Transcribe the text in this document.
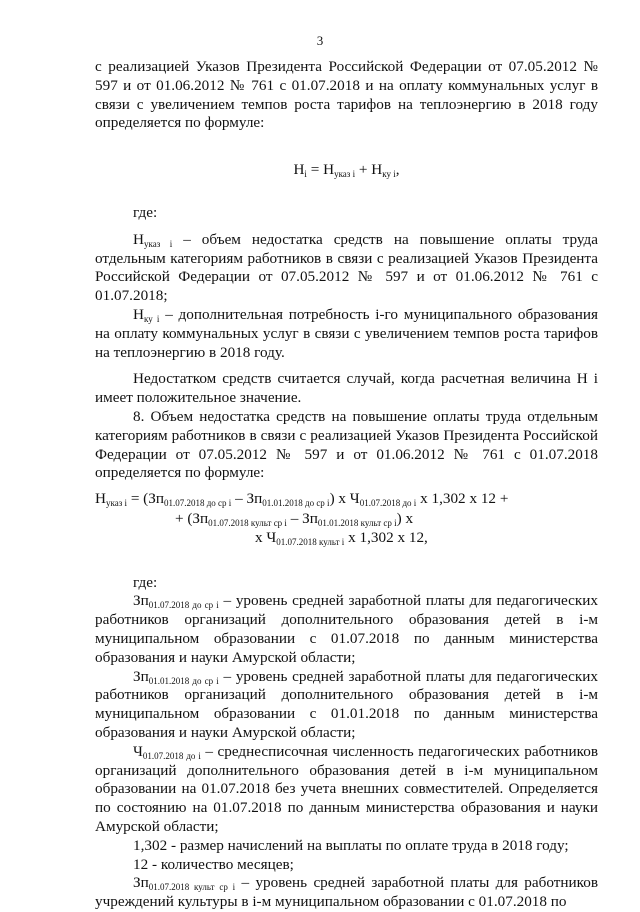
3

с реализацией Указов Президента Российской Федерации от 07.05.2012 № 597 и от 01.06.2012 № 761 с 01.07.2018 и на оплату коммунальных услуг в связи с увеличением темпов роста тарифов на теплоэнергию в 2018 году определяется по формуле:

$Н_i = Н_{указ i} + Н_{ку i}$,

где:

$Н_{указ i}$ – объем недостатка средств на повышение оплаты труда отдельным категориям работников в связи с реализацией Указов Президента Российской Федерации от 07.05.2012 № 597 и от 01.06.2012 № 761 с 01.07.2018;

$Н_{ку i}$ – дополнительная потребность i-го муниципального образования на оплату коммунальных услуг в связи с увеличением темпов роста тарифов на теплоэнергию в 2018 году.

Недостатком средств считается случай, когда расчетная величина Н i имеет положительное значение.

8. Объем недостатка средств на повышение оплаты труда отдельным категориям работников в связи с реализацией Указов Президента Российской Федерации от 07.05.2012 № 597 и от 01.06.2012 № 761 с 01.07.2018 определяется по формуле:

$Н_{указ i} = (Зп_{01.07.2018 до ср i} - Зп_{01.01.2018 до ср i})$ х $Ч_{01.07.2018 до i}$ х 1,302 х 12 +
+ $(Зп_{01.07.2018 культ ср i} - Зп_{01.01.2018 культ ср i})$ х
х $Ч_{01.07.2018 культ i}$ х 1,302 х 12,

где:

$Зп_{01.07.2018 до ср i}$ – уровень средней заработной платы для педагогических работников организаций дополнительного образования детей в i-м муниципальном образовании с 01.07.2018 по данным министерства образования и науки Амурской области;

$Зп_{01.01.2018 до ср i}$ – уровень средней заработной платы для педагогических работников организаций дополнительного образования детей в i-м муниципальном образовании с 01.01.2018 по данным министерства образования и науки Амурской области;

$Ч_{01.07.2018 до i}$ – среднесписочная численность педагогических работников организаций дополнительного образования детей в i-м муниципальном образовании на 01.07.2018 без учета внешних совместителей. Определяется по состоянию на 01.07.2018 по данным министерства образования и науки Амурской области;

1,302 - размер начислений на выплаты по оплате труда в 2018 году;

12 - количество месяцев;

$Зп_{01.07.2018 культ ср i}$ – уровень средней заработной платы для работников учреждений культуры в i-м муниципальном образовании с 01.07.2018 по
